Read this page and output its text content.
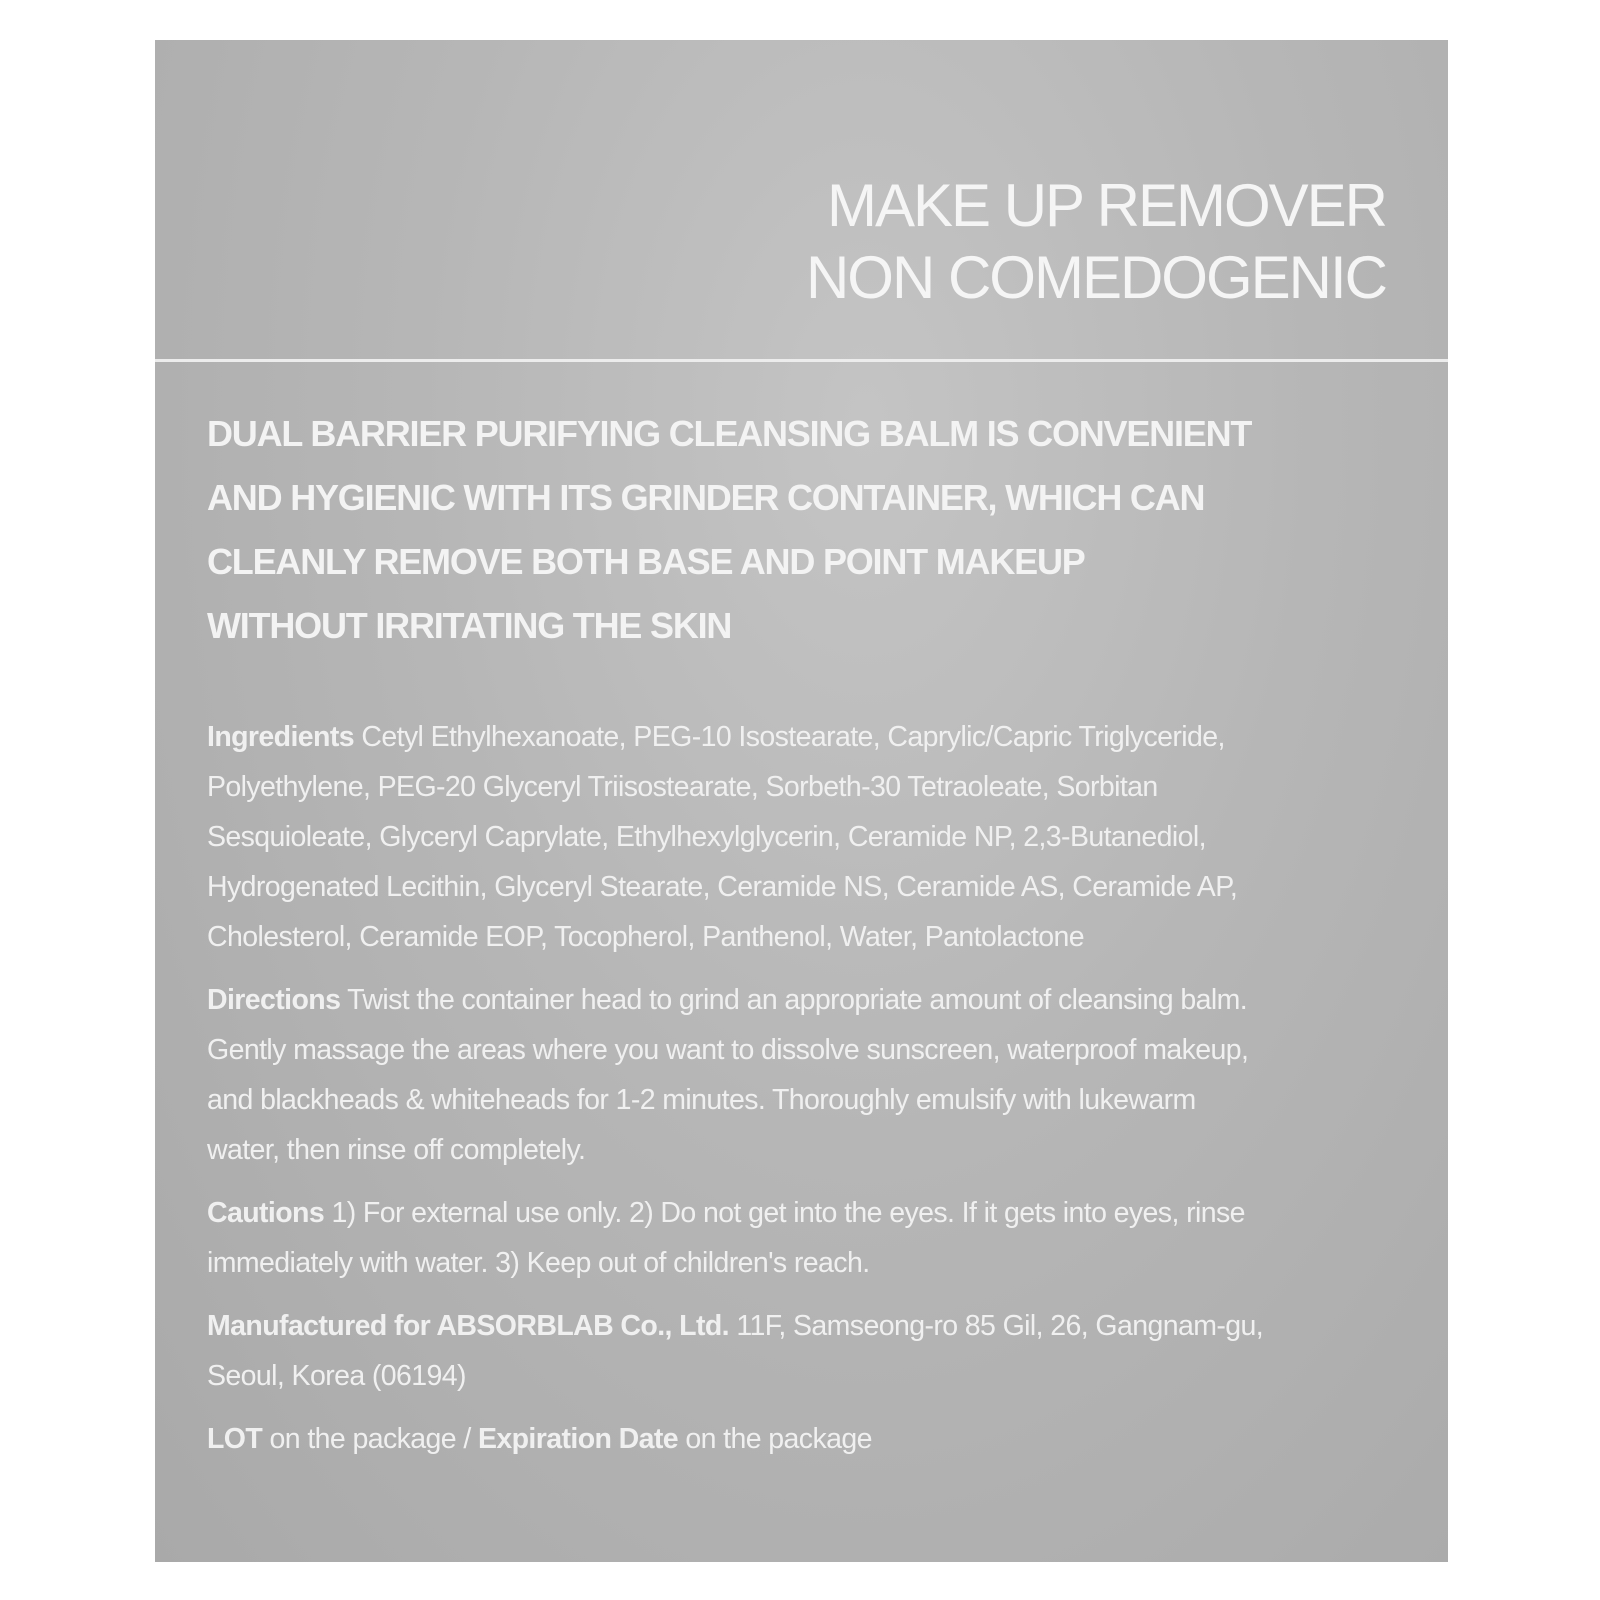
MAKE UP REMOVER
NON COMEDOGENIC

DUAL BARRIER PURIFYING CLEANSING BALM IS CONVENIENT
AND HYGIENIC WITH ITS GRINDER CONTAINER, WHICH CAN
CLEANLY REMOVE BOTH BASE AND POINT MAKEUP
WITHOUT IRRITATING THE SKIN

Ingredients Cetyl Ethylhexanoate, PEG-10 Isostearate, Caprylic/Capric Triglyceride,
Polyethylene, PEG-20 Glyceryl Triisostearate, Sorbeth-30 Tetraoleate, Sorbitan
Sesquioleate, Glyceryl Caprylate, Ethylhexylglycerin, Ceramide NP, 2,3-Butanediol,
Hydrogenated Lecithin, Glyceryl Stearate, Ceramide NS, Ceramide AS, Ceramide AP,
Cholesterol, Ceramide EOP, Tocopherol, Panthenol, Water, Pantolactone

Directions Twist the container head to grind an appropriate amount of cleansing balm.
Gently massage the areas where you want to dissolve sunscreen, waterproof makeup,
and blackheads & whiteheads for 1-2 minutes. Thoroughly emulsify with lukewarm
water, then rinse off completely.

Cautions 1) For external use only. 2) Do not get into the eyes. If it gets into eyes, rinse
immediately with water. 3) Keep out of children's reach.

Manufactured for ABSORBLAB Co., Ltd. 11F, Samseong-ro 85 Gil, 26, Gangnam-gu,
Seoul, Korea (06194)

LOT on the package / Expiration Date on the package
